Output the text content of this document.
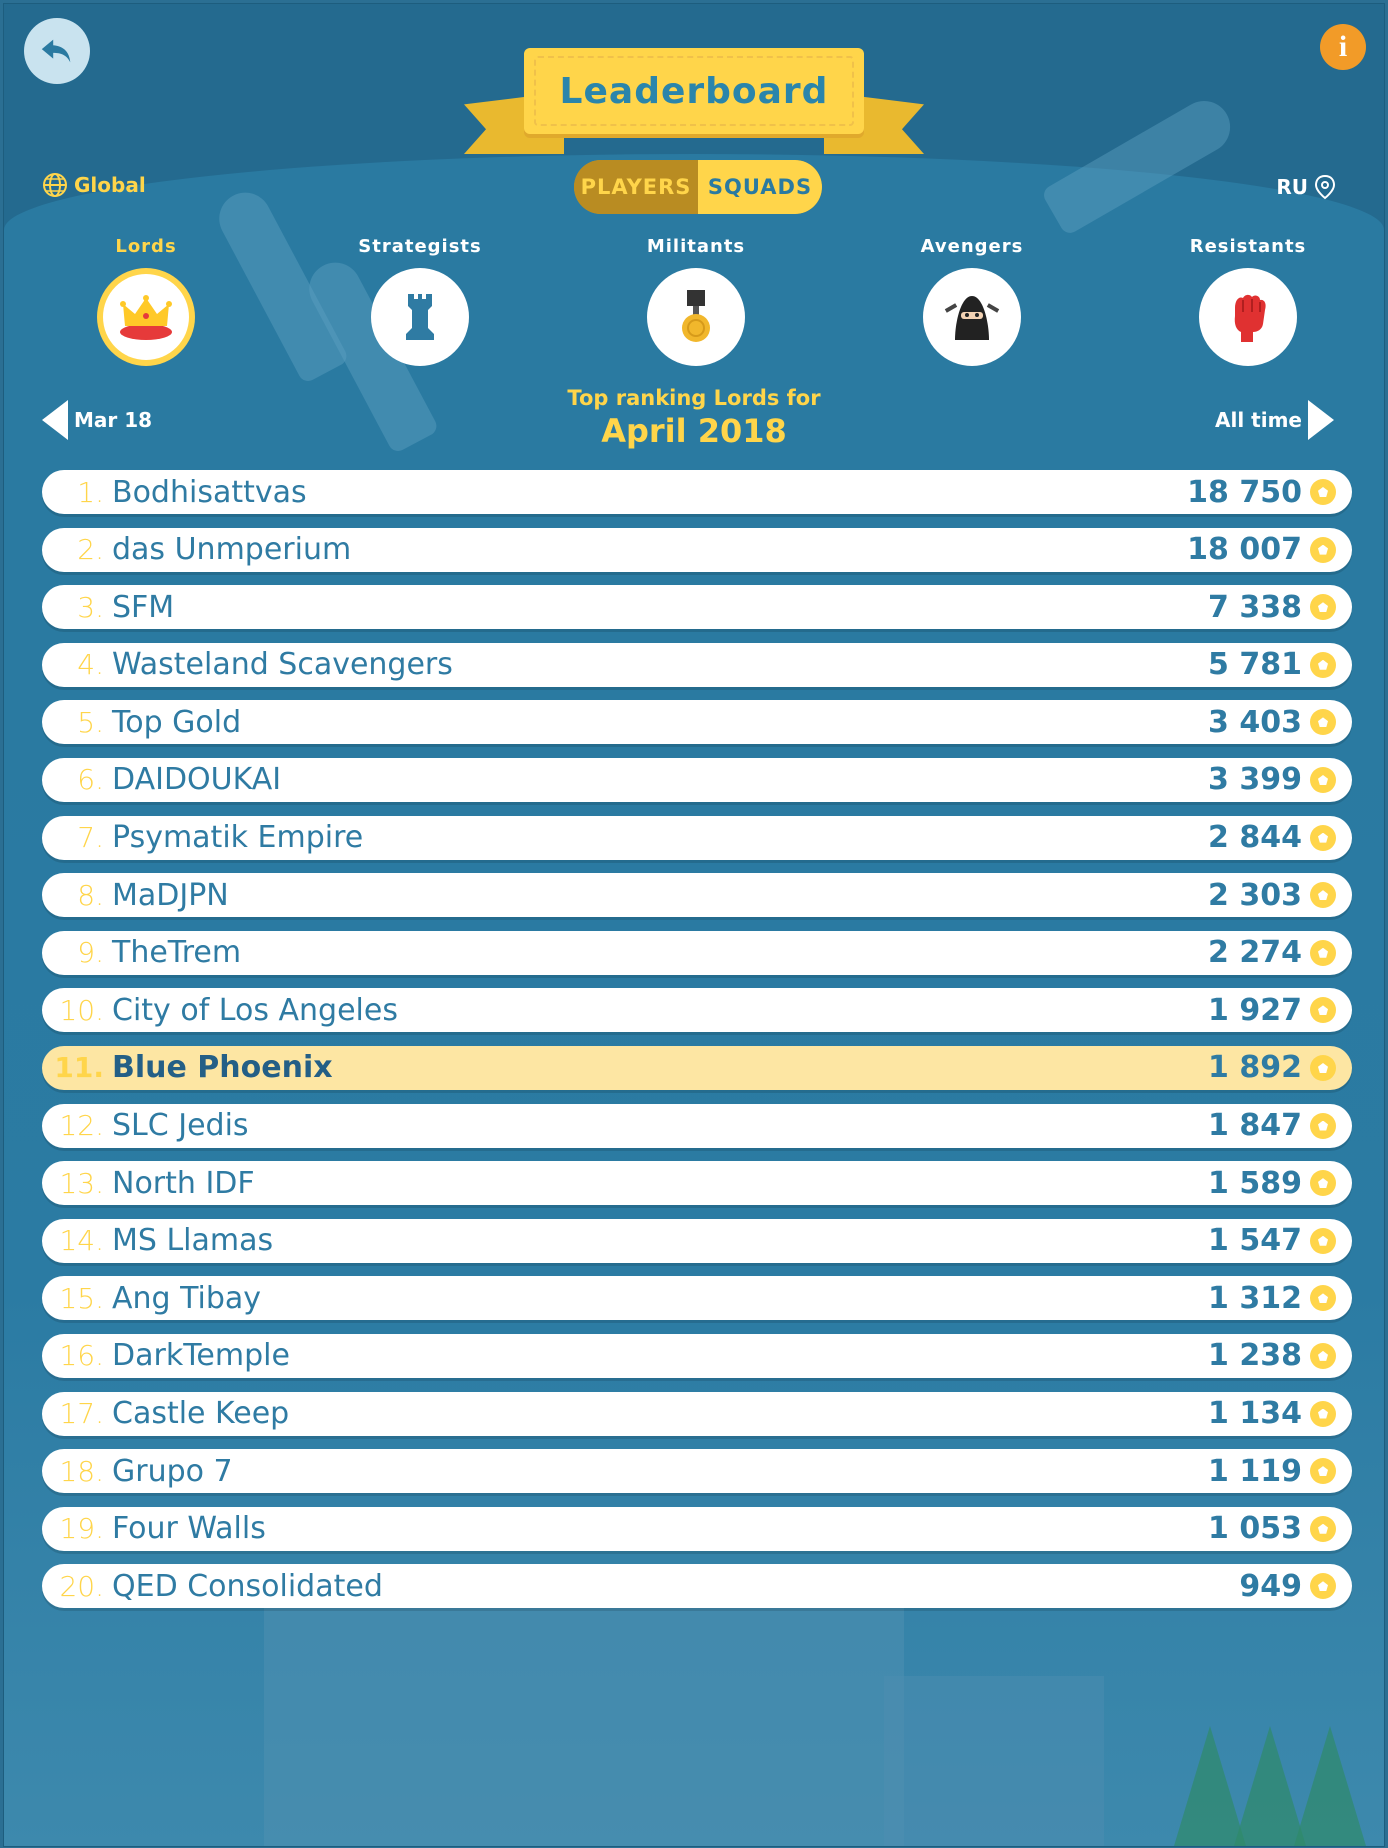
i
Leaderboard
Global	RU
PLAYERS SQUADS
Lords	Strategists	Militants	Avengers	Resistants
Mar 18
Top ranking Lords for
April 2018	All time
1 . Bodhisattvas	18 750
2 . das Unmperium	18 007
3 . SFM	7 338
4 . Wasteland Scavengers	5 781
5 . Top Gold	3 403
6 . DAIDOUKAI	3 399
7 . Psymatik Empire	2 844
8 . MaDJPN	2 303
9 . TheTrem	2 274
10 . City of Los Angeles	1 927
11 . Blue Phoenix	1 892
12 . SLC Jedis	1 847
13 . North IDF	1 589
14 . MS Llamas	1 547
15 . Ang Tibay	1 312
16 . DarkTemple	1 238
17 . Castle Keep	1 134
18 . Grupo 7	1 119
19 . Four Walls	1 053
20 . QED Consolidated	949
